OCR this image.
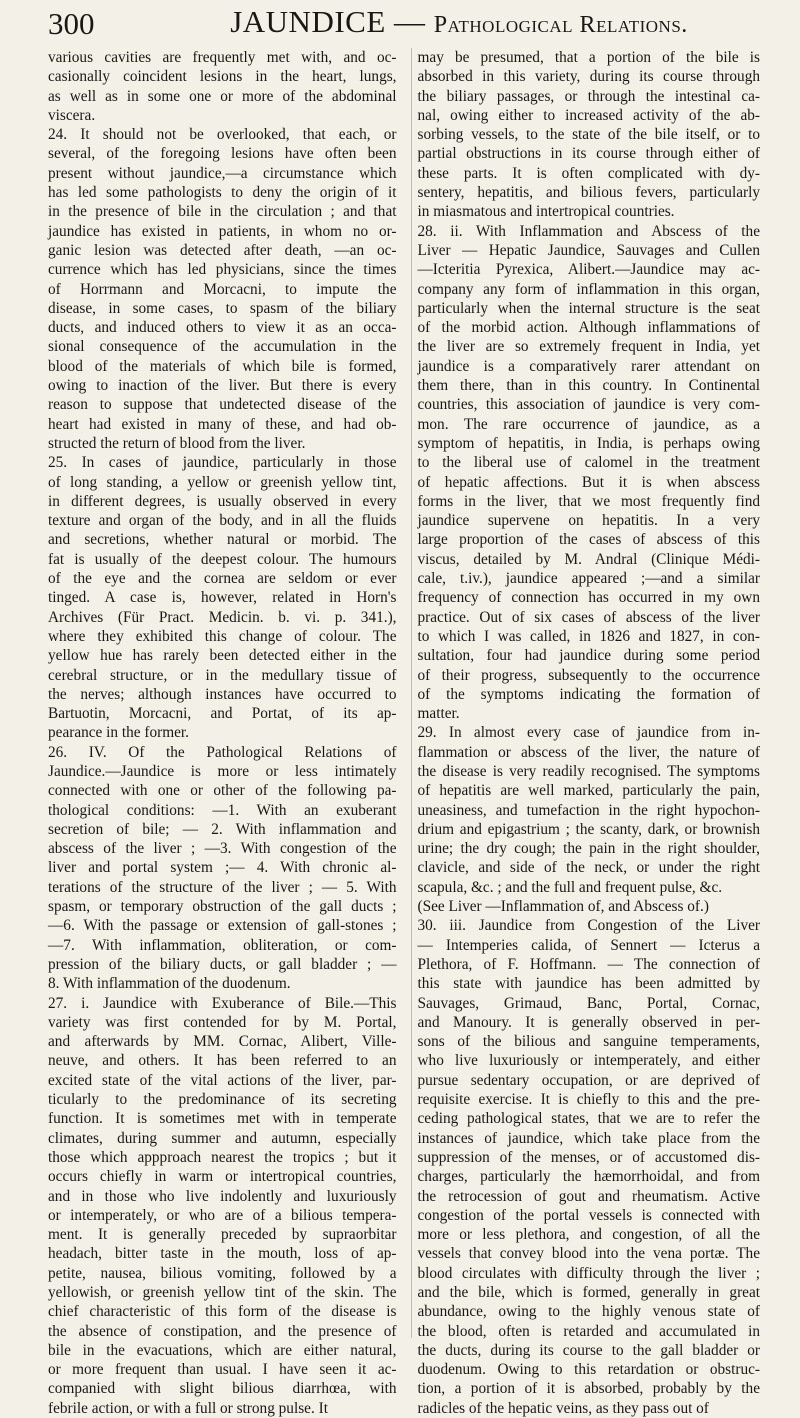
300	JAUNDICE — Pathological Relations.
various cavities are frequently met with, and oc-
casionally coincident lesions in the heart, lungs,
as well as in some one or more of the abdominal
viscera.
24. It should not be overlooked, that each, or
several, of the foregoing lesions have often been
present without jaundice,—a circumstance which
has led some pathologists to deny the origin of it
in the presence of bile in the circulation ; and that
jaundice has existed in patients, in whom no or-
ganic lesion was detected after death, —an oc-
currence which has led physicians, since the times
of Horrmann and Morcacni, to impute the
disease, in some cases, to spasm of the biliary
ducts, and induced others to view it as an occa-
sional consequence of the accumulation in the
blood of the materials of which bile is formed,
owing to inaction of the liver. But there is every
reason to suppose that undetected disease of the
heart had existed in many of these, and had ob-
structed the return of blood from the liver.
25. In cases of jaundice, particularly in those
of long standing, a yellow or greenish yellow tint,
in different degrees, is usually observed in every
texture and organ of the body, and in all the fluids
and secretions, whether natural or morbid. The
fat is usually of the deepest colour. The humours
of the eye and the cornea are seldom or ever
tinged. A case is, however, related in Horn's
Archives (Für Pract. Medicin. b. vi. p. 341.),
where they exhibited this change of colour. The
yellow hue has rarely been detected either in the
cerebral structure, or in the medullary tissue of
the nerves; although instances have occurred to
Bartuotin, Morcacni, and Portat, of its ap-
pearance in the former.
26. IV. Of the Pathological Relations of
Jaundice.—Jaundice is more or less intimately
connected with one or other of the following pa-
thological conditions: —1. With an exuberant
secretion of bile; — 2. With inflammation and
abscess of the liver ; —3. With congestion of the
liver and portal system ;— 4. With chronic al-
terations of the structure of the liver ; — 5. With
spasm, or temporary obstruction of the gall ducts ;
—6. With the passage or extension of gall-stones ;
—7. With inflammation, obliteration, or com-
pression of the biliary ducts, or gall bladder ; —
8. With inflammation of the duodenum.
27. i. Jaundice with Exuberance of Bile.—This
variety was first contended for by M. Portal,
and afterwards by MM. Cornac, Alibert, Ville-
neuve, and others. It has been referred to an
excited state of the vital actions of the liver, par-
ticularly to the predominance of its secreting
function. It is sometimes met with in temperate
climates, during summer and autumn, especially
those which appproach nearest the tropics ; but it
occurs chiefly in warm or intertropical countries,
and in those who live indolently and luxuriously
or intemperately, or who are of a bilious tempera-
ment. It is generally preceded by supraorbitar
headach, bitter taste in the mouth, loss of ap-
petite, nausea, bilious vomiting, followed by a
yellowish, or greenish yellow tint of the skin. The
chief characteristic of this form of the disease is
the absence of constipation, and the presence of
bile in the evacuations, which are either natural,
or more frequent than usual. I have seen it ac-
companied with slight bilious diarrhœa, with
febrile action, or with a full or strong pulse. It
may be presumed, that a portion of the bile is
absorbed in this variety, during its course through
the biliary passages, or through the intestinal ca-
nal, owing either to increased activity of the ab-
sorbing vessels, to the state of the bile itself, or to
partial obstructions in its course through either of
these parts. It is often complicated with dy-
sentery, hepatitis, and bilious fevers, particularly
in miasmatous and intertropical countries.
28. ii. With Inflammation and Abscess of the
Liver — Hepatic Jaundice, Sauvages and Cullen
—Icteritia Pyrexica, Alibert.—Jaundice may ac-
company any form of inflammation in this organ,
particularly when the internal structure is the seat
of the morbid action. Although inflammations of
the liver are so extremely frequent in India, yet
jaundice is a comparatively rarer attendant on
them there, than in this country. In Continental
countries, this association of jaundice is very com-
mon. The rare occurrence of jaundice, as a
symptom of hepatitis, in India, is perhaps owing
to the liberal use of calomel in the treatment
of hepatic affections. But it is when abscess
forms in the liver, that we most frequently find
jaundice supervene on hepatitis. In a very
large proportion of the cases of abscess of this
viscus, detailed by M. Andral (Clinique Médi-
cale, t.iv.), jaundice appeared ;—and a similar
frequency of connection has occurred in my own
practice. Out of six cases of abscess of the liver
to which I was called, in 1826 and 1827, in con-
sultation, four had jaundice during some period
of their progress, subsequently to the occurrence
of the symptoms indicating the formation of
matter.
29. In almost every case of jaundice from in-
flammation or abscess of the liver, the nature of
the disease is very readily recognised. The symptoms
of hepatitis are well marked, particularly the pain,
uneasiness, and tumefaction in the right hypochon-
drium and epigastrium ; the scanty, dark, or brownish
urine; the dry cough; the pain in the right shoulder,
clavicle, and side of the neck, or under the right
scapula, &c. ; and the full and frequent pulse, &c.
(See Liver —Inflammation of, and Abscess of.)
30. iii. Jaundice from Congestion of the Liver
— Intemperies calida, of Sennert — Icterus a
Plethora, of F. Hoffmann. — The connection of
this state with jaundice has been admitted by
Sauvages, Grimaud, Banc, Portal, Cornac,
and Manoury. It is generally observed in per-
sons of the bilious and sanguine temperaments,
who live luxuriously or intemperately, and either
pursue sedentary occupation, or are deprived of
requisite exercise. It is chiefly to this and the pre-
ceding pathological states, that we are to refer the
instances of jaundice, which take place from the
suppression of the menses, or of accustomed dis-
charges, particularly the hæmorrhoidal, and from
the retrocession of gout and rheumatism. Active
congestion of the portal vessels is connected with
more or less plethora, and congestion, of all the
vessels that convey blood into the vena portæ. The
blood circulates with difficulty through the liver ;
and the bile, which is formed, generally in great
abundance, owing to the highly venous state of
the blood, often is retarded and accumulated in
the ducts, during its course to the gall bladder or
duodenum. Owing to this retardation or obstruc-
tion, a portion of it is absorbed, probably by the
radicles of the hepatic veins, as they pass out of
